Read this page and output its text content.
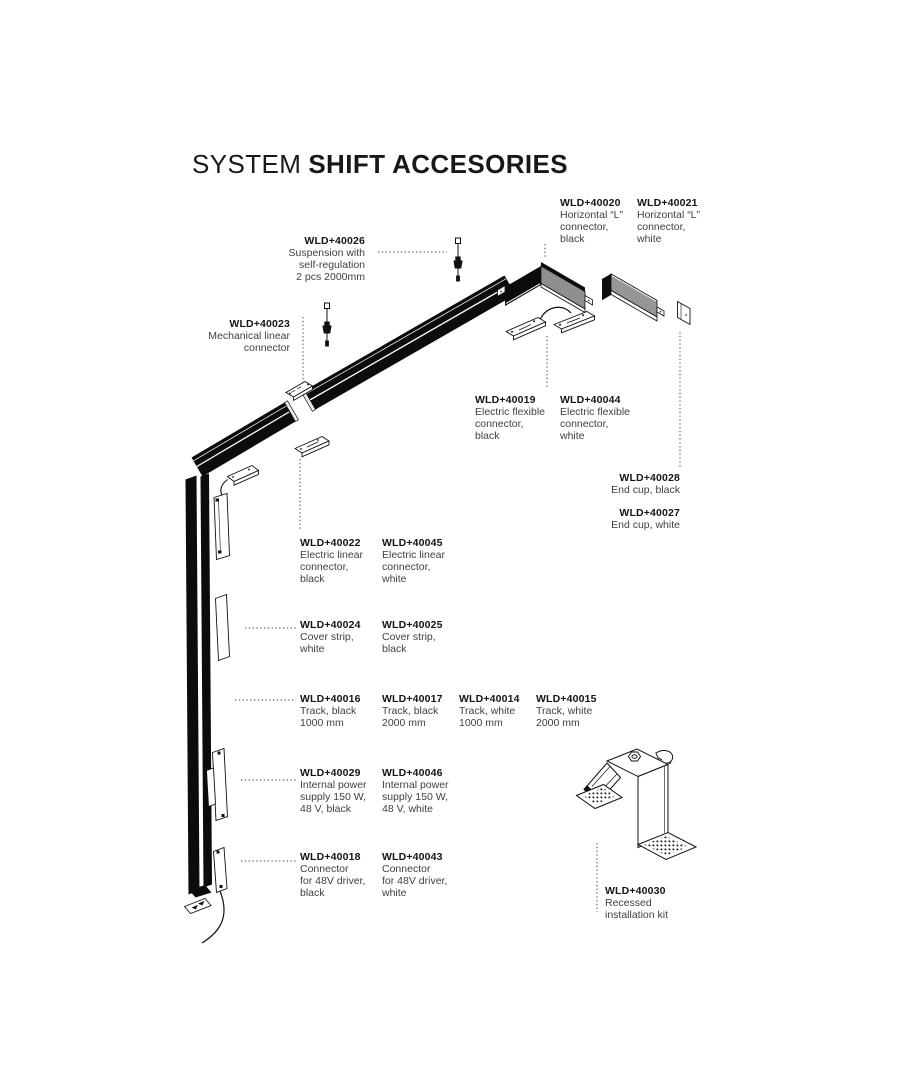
SYSTEM SHIFT ACCESORIES
WLD+40020
Horizontal “L”
connector,
black
WLD+40021
Horizontal “L”
connector,
white
WLD+40026
Suspension with
self-regulation
2 pcs 2000mm
WLD+40023
Mechanical linear
connector
WLD+40019
Electric flexible
connector,
black
WLD+40044
Electric flexible
connector,
white
WLD+40028
End cup, black
WLD+40027
End cup, white
WLD+40022
Electric linear
connector,
black
WLD+40045
Electric linear
connector,
white
WLD+40024
Cover strip,
white
WLD+40025
Cover strip,
black
WLD+40016
Track, black
1000 mm
WLD+40017
Track, black
2000 mm
WLD+40014
Track, white
1000 mm
WLD+40015
Track, white
2000 mm
WLD+40029
Internal power
supply 150 W,
48 V, black
WLD+40046
Internal power
supply 150 W,
48 V, white
WLD+40018
Connector
for 48V driver,
black
WLD+40043
Connector
for 48V driver,
white	WLD+40030
Recessed
installation kit
